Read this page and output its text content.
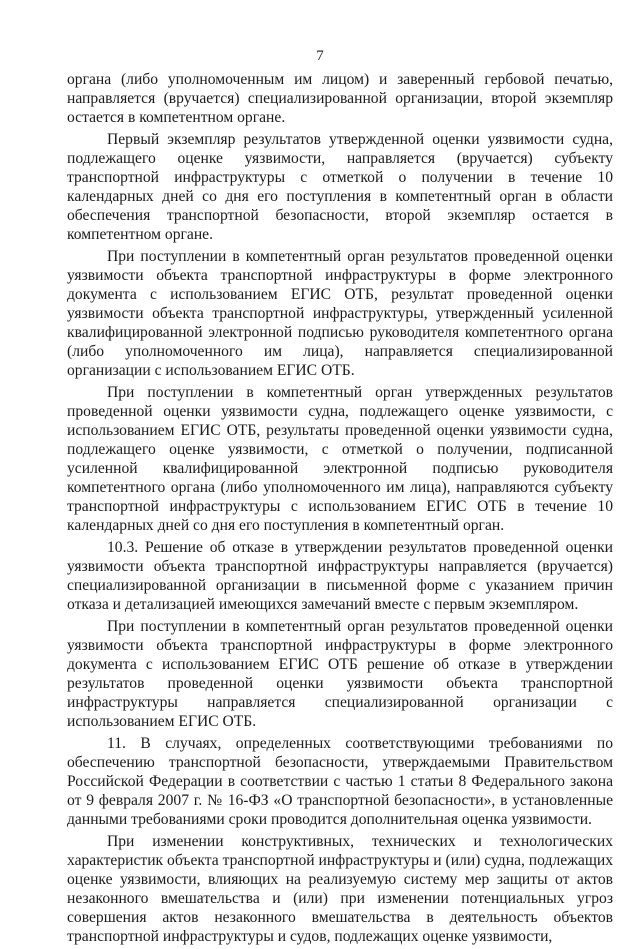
7

органа (либо уполномоченным им лицом) и заверенный гербовой печатью, направляется (вручается) специализированной организации, второй экземпляр остается в компетентном органе.

Первый экземпляр результатов утвержденной оценки уязвимости судна, подлежащего оценке уязвимости, направляется (вручается) субъекту транспортной инфраструктуры с отметкой о получении в течение 10 календарных дней со дня его поступления в компетентный орган в области обеспечения транспортной безопасности, второй экземпляр остается в компетентном органе.

При поступлении в компетентный орган результатов проведенной оценки уязвимости объекта транспортной инфраструктуры в форме электронного документа с использованием ЕГИС ОТБ, результат проведенной оценки уязвимости объекта транспортной инфраструктуры, утвержденный усиленной квалифицированной электронной подписью руководителя компетентного органа (либо уполномоченного им лица), направляется специализированной организации с использованием ЕГИС ОТБ.

При поступлении в компетентный орган утвержденных результатов проведенной оценки уязвимости судна, подлежащего оценке уязвимости, с использованием ЕГИС ОТБ, результаты проведенной оценки уязвимости судна, подлежащего оценке уязвимости, с отметкой о получении, подписанной усиленной квалифицированной электронной подписью руководителя компетентного органа (либо уполномоченного им лица), направляются субъекту транспортной инфраструктуры с использованием ЕГИС ОТБ в течение 10 календарных дней со дня его поступления в компетентный орган.

10.3. Решение об отказе в утверждении результатов проведенной оценки уязвимости объекта транспортной инфраструктуры направляется (вручается) специализированной организации в письменной форме с указанием причин отказа и детализацией имеющихся замечаний вместе с первым экземпляром.

При поступлении в компетентный орган результатов проведенной оценки уязвимости объекта транспортной инфраструктуры в форме электронного документа с использованием ЕГИС ОТБ решение об отказе в утверждении результатов проведенной оценки уязвимости объекта транспортной инфраструктуры направляется специализированной организации с использованием ЕГИС ОТБ.

11. В случаях, определенных соответствующими требованиями по обеспечению транспортной безопасности, утверждаемыми Правительством Российской Федерации в соответствии с частью 1 статьи 8 Федерального закона от 9 февраля 2007 г. № 16-ФЗ «О транспортной безопасности», в установленные данными требованиями сроки проводится дополнительная оценка уязвимости.

При изменении конструктивных, технических и технологических характеристик объекта транспортной инфраструктуры и (или) судна, подлежащих оценке уязвимости, влияющих на реализуемую систему мер защиты от актов незаконного вмешательства и (или) при изменении потенциальных угроз совершения актов незаконного вмешательства в деятельность объектов транспортной инфраструктуры и судов, подлежащих оценке уязвимости,
